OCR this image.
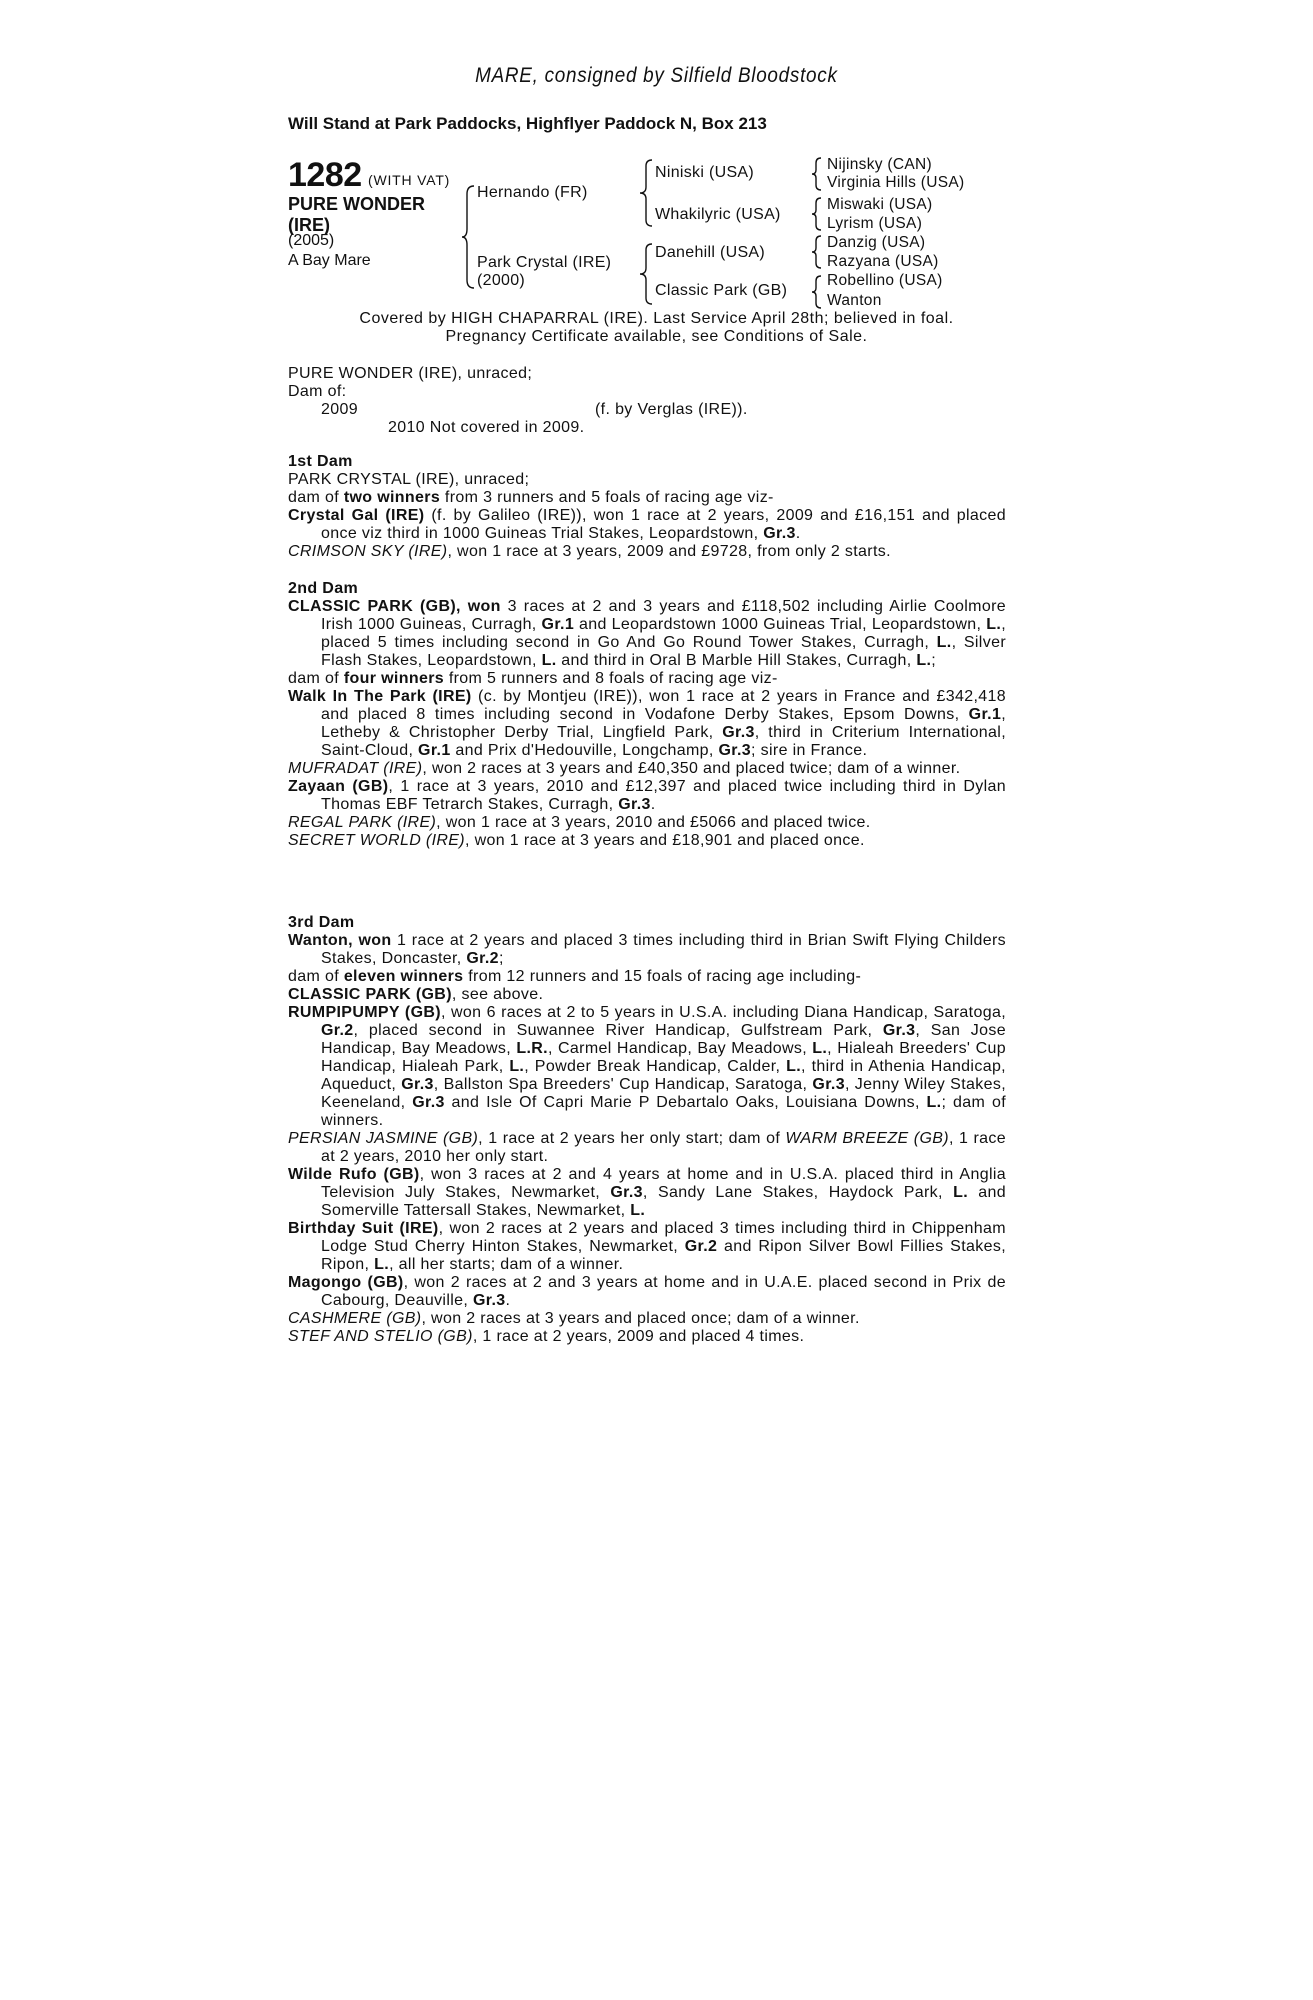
MARE, consigned by Silfield Bloodstock
Will Stand at Park Paddocks, Highflyer Paddock N, Box 213
1282 (WITH VAT)
PURE WONDER
(IRE)
(2005)
A Bay Mare
Hernando (FR)
Park Crystal (IRE)
(2000)
Niniski (USA)
Whakilyric (USA)
Danehill (USA)
Classic Park (GB)
Nijinsky (CAN)
Virginia Hills (USA)
Miswaki (USA)
Lyrism (USA)
Danzig (USA)
Razyana (USA)
Robellino (USA)
Wanton
Covered by HIGH CHAPARRAL (IRE). Last Service April 28th; believed in foal.
Pregnancy Certificate available, see Conditions of Sale.
PURE WONDER (IRE), unraced;
Dam of:
2009	(f. by Verglas (IRE)).
2010 Not covered in 2009.
1st Dam
PARK CRYSTAL (IRE), unraced;
dam of two winners from 3 runners and 5 foals of racing age viz-

Crystal Gal (IRE) (f. by Galileo (IRE)), won 1 race at 2 years, 2009 and £16,151 and placed once viz third in 1000 Guineas Trial Stakes, Leopardstown, Gr.3.

CRIMSON SKY (IRE), won 1 race at 3 years, 2009 and £9728, from only 2 starts.

2nd Dam

CLASSIC PARK (GB), won 3 races at 2 and 3 years and £118,502 including Airlie Coolmore Irish 1000 Guineas, Curragh, Gr.1 and Leopardstown 1000 Guineas Trial, Leopardstown, L., placed 5 times including second in Go And Go Round Tower Stakes, Curragh, L., Silver Flash Stakes, Leopardstown, L. and third in Oral B Marble Hill Stakes, Curragh, L.;

dam of four winners from 5 runners and 8 foals of racing age viz-

Walk In The Park (IRE) (c. by Montjeu (IRE)), won 1 race at 2 years in France and £342,418 and placed 8 times including second in Vodafone Derby Stakes, Epsom Downs, Gr.1, Letheby & Christopher Derby Trial, Lingfield Park, Gr.3, third in Criterium International, Saint-Cloud, Gr.1 and Prix d'Hedouville, Longchamp, Gr.3; sire in France.

MUFRADAT (IRE), won 2 races at 3 years and £40,350 and placed twice; dam of a winner.

Zayaan (GB), 1 race at 3 years, 2010 and £12,397 and placed twice including third in Dylan Thomas EBF Tetrarch Stakes, Curragh, Gr.3.

REGAL PARK (IRE), won 1 race at 3 years, 2010 and £5066 and placed twice.

SECRET WORLD (IRE), won 1 race at 3 years and £18,901 and placed once.

3rd Dam

Wanton, won 1 race at 2 years and placed 3 times including third in Brian Swift Flying Childers Stakes, Doncaster, Gr.2;

dam of eleven winners from 12 runners and 15 foals of racing age including-

CLASSIC PARK (GB), see above.

RUMPIPUMPY (GB), won 6 races at 2 to 5 years in U.S.A. including Diana Handicap, Saratoga, Gr.2, placed second in Suwannee River Handicap, Gulfstream Park, Gr.3, San Jose Handicap, Bay Meadows, L.R., Carmel Handicap, Bay Meadows, L., Hialeah Breeders' Cup Handicap, Hialeah Park, L., Powder Break Handicap, Calder, L., third in Athenia Handicap, Aqueduct, Gr.3, Ballston Spa Breeders' Cup Handicap, Saratoga, Gr.3, Jenny Wiley Stakes, Keeneland, Gr.3 and Isle Of Capri Marie P Debartalo Oaks, Louisiana Downs, L.; dam of winners.

PERSIAN JASMINE (GB), 1 race at 2 years her only start; dam of WARM BREEZE (GB), 1 race at 2 years, 2010 her only start.

Wilde Rufo (GB), won 3 races at 2 and 4 years at home and in U.S.A. placed third in Anglia Television July Stakes, Newmarket, Gr.3, Sandy Lane Stakes, Haydock Park, L. and Somerville Tattersall Stakes, Newmarket, L.

Birthday Suit (IRE), won 2 races at 2 years and placed 3 times including third in Chippenham Lodge Stud Cherry Hinton Stakes, Newmarket, Gr.2 and Ripon Silver Bowl Fillies Stakes, Ripon, L., all her starts; dam of a winner.

Magongo (GB), won 2 races at 2 and 3 years at home and in U.A.E. placed second in Prix de Cabourg, Deauville, Gr.3.

CASHMERE (GB), won 2 races at 3 years and placed once; dam of a winner.

STEF AND STELIO (GB), 1 race at 2 years, 2009 and placed 4 times.
